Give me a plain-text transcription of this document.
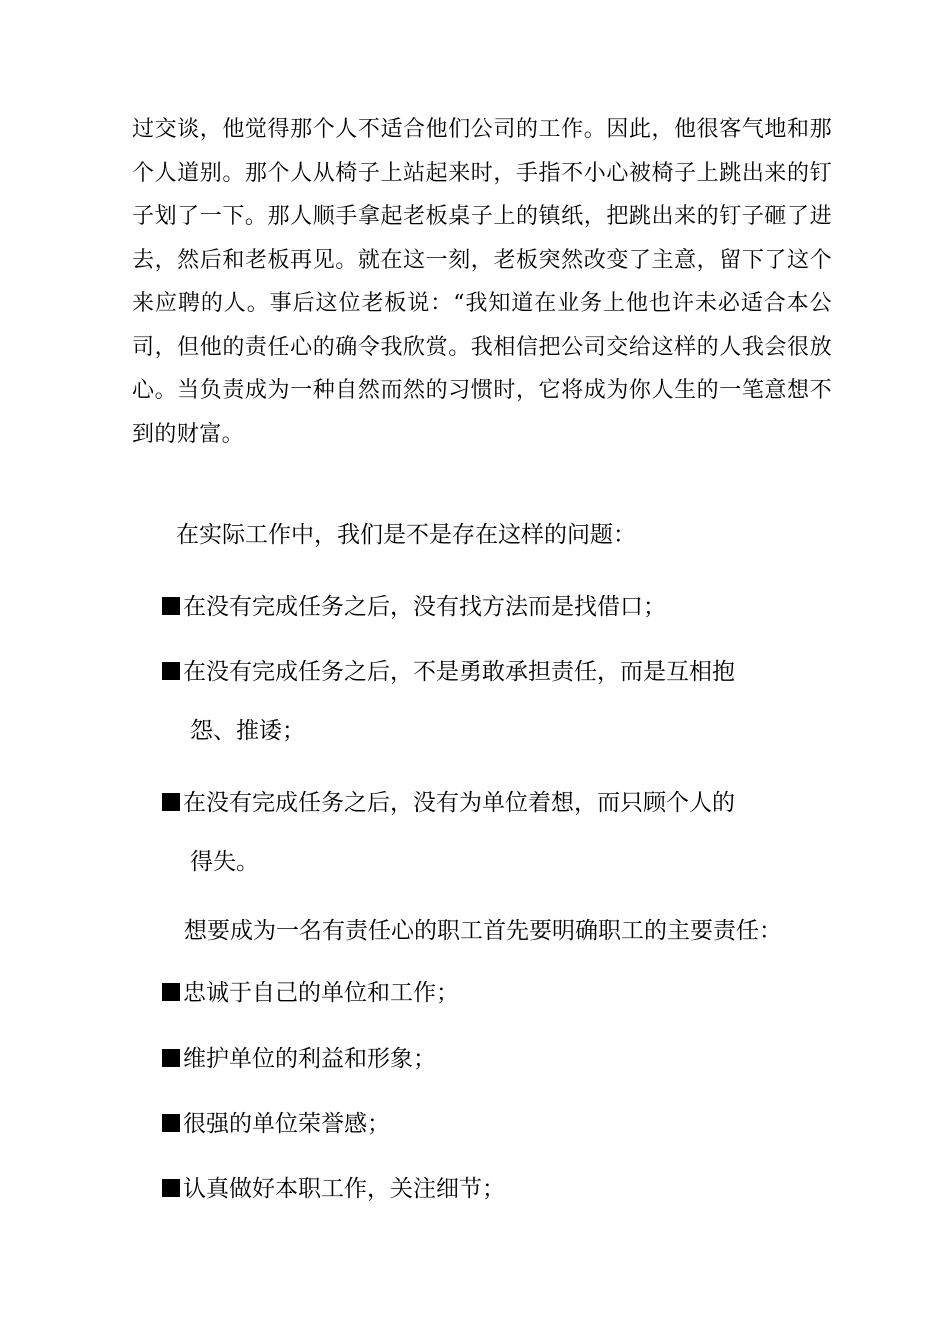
过交谈，他觉得那个人不适合他们公司的工作。因此，他很客气地和那个人道别。那个人从椅子上站起来时，手指不小心被椅子上跳出来的钉子划了一下。那人顺手拿起老板桌子上的镇纸，把跳出来的钉子砸了进去，然后和老板再见。就在这一刻，老板突然改变了主意，留下了这个来应聘的人。事后这位老板说：“我知道在业务上他也许未必适合本公司，但他的责任心的确令我欣赏。我相信把公司交给这样的人我会很放心。当负责成为一种自然而然的习惯时，它将成为你人生的一笔意想不到的财富。

在实际工作中，我们是不是存在这样的问题：

在没有完成任务之后，没有找方法而是找借口；

在没有完成任务之后，不是勇敢承担责任，而是互相抱

怨、推诿；

在没有完成任务之后，没有为单位着想，而只顾个人的

得失。

想要成为一名有责任心的职工首先要明确职工的主要责任：

忠诚于自己的单位和工作；

维护单位的利益和形象；

很强的单位荣誉感；

认真做好本职工作，关注细节；
